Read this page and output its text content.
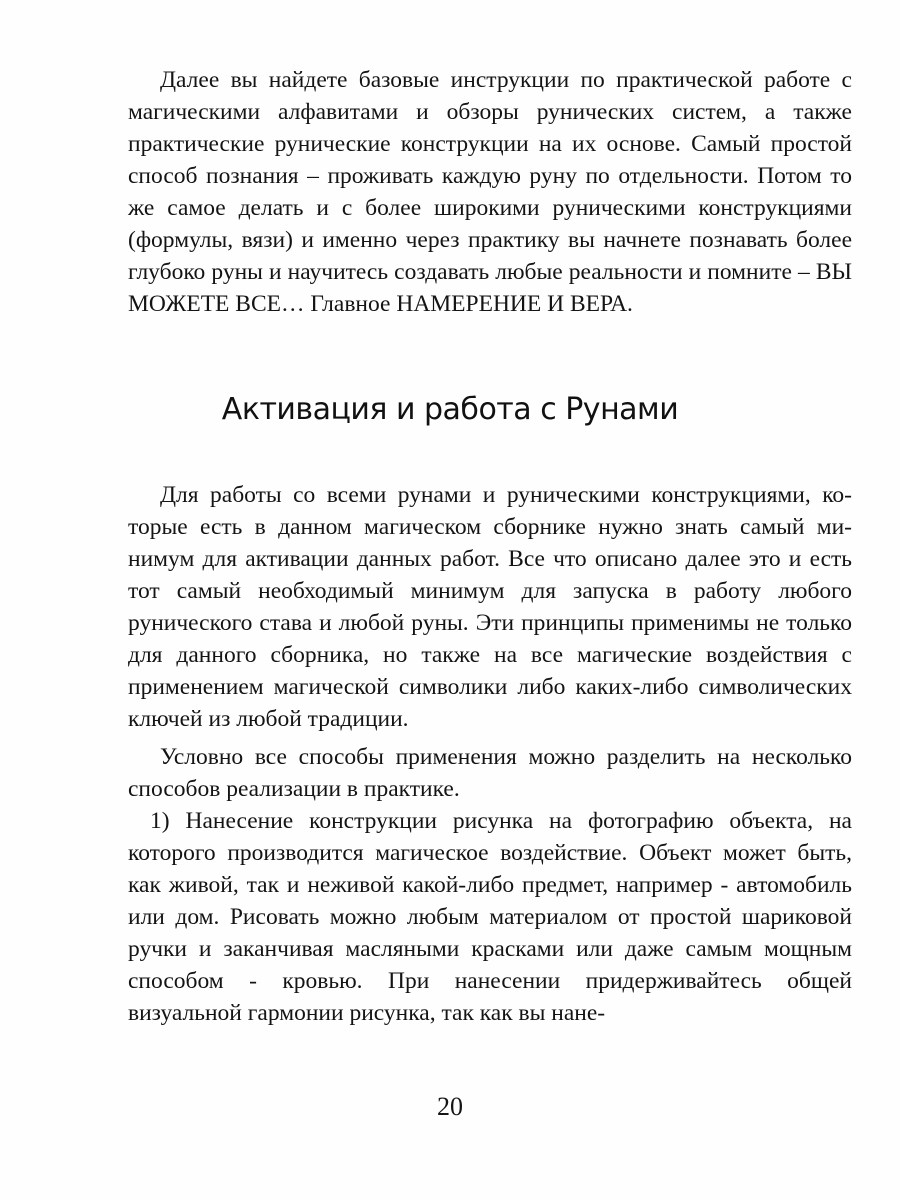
Далее вы найдете базовые инструкции по практической работе с магическими алфавитами и обзоры рунических систем, а также практические рунические конструкции на их основе. Самый простой способ познания – проживать каждую руну по отдельности. Потом то же самое делать и с более широкими руническими конструкциями (формулы, вязи) и именно через практику вы начнете познавать более глубоко руны и научитесь создавать любые реальности и помните – ВЫ МОЖЕТЕ ВСЕ… Главное НАМЕРЕНИЕ И ВЕРА.

Активация и работа с Рунами

Для работы со всеми рунами и руническими конструкциями, которые есть в данном магическом сборнике нужно знать самый минимум для активации данных работ. Все что описано далее это и есть тот самый необходимый минимум для запуска в работу любого рунического става и любой руны. Эти принципы применимы не только для данного сборника, но также на все магические воздействия с применением магической символики либо каких-либо символических ключей из любой традиции.

Условно все способы применения можно разделить на несколько способов реализации в практике.

1) Нанесение конструкции рисунка на фотографию объекта, на которого производится магическое воздействие. Объект может быть, как живой, так и неживой какой-либо предмет, например - автомобиль или дом. Рисовать можно любым материалом от простой шариковой ручки и заканчивая масляными красками или даже самым мощным способом - кровью. При нанесении придерживайтесь общей визуальной гармонии рисунка, так как вы нане-

20
